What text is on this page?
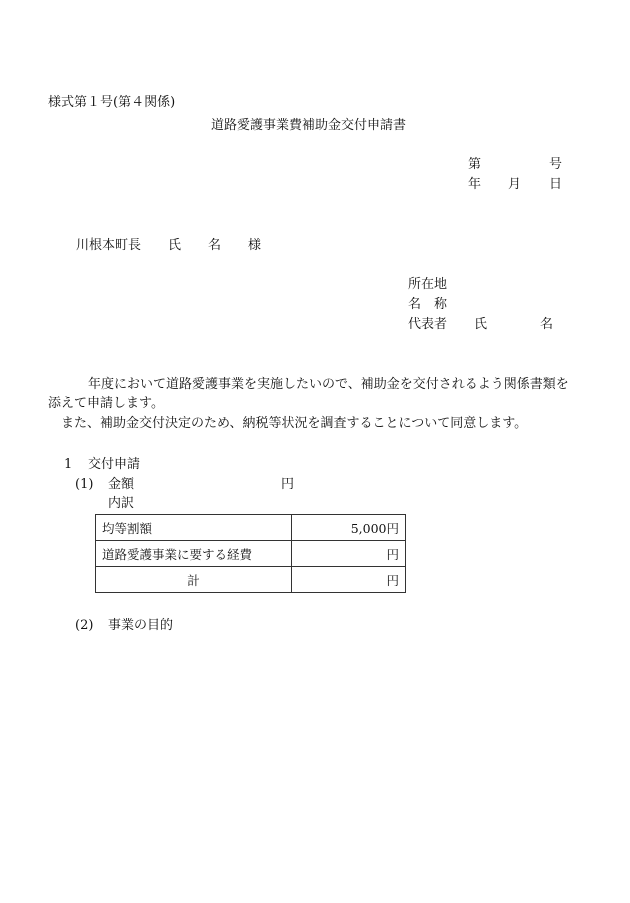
様式第１号(第４関係)
道路愛護事業費補助金交付申請書
第	号
年 月 日
川根本町長 氏 名 様
所在地
名 称
代表者 氏	名
年度において道路愛護事業を実施したいので、補助金を交付されるよう関係書類を
添えて申請します。
また、補助金交付決定のため、納税等状況を調査することについて同意します。
1 交付申請
(1) 金額	円
内訳
均等割額	5,000円
道路愛護事業に要する経費	円
計	円
(2) 事業の目的
